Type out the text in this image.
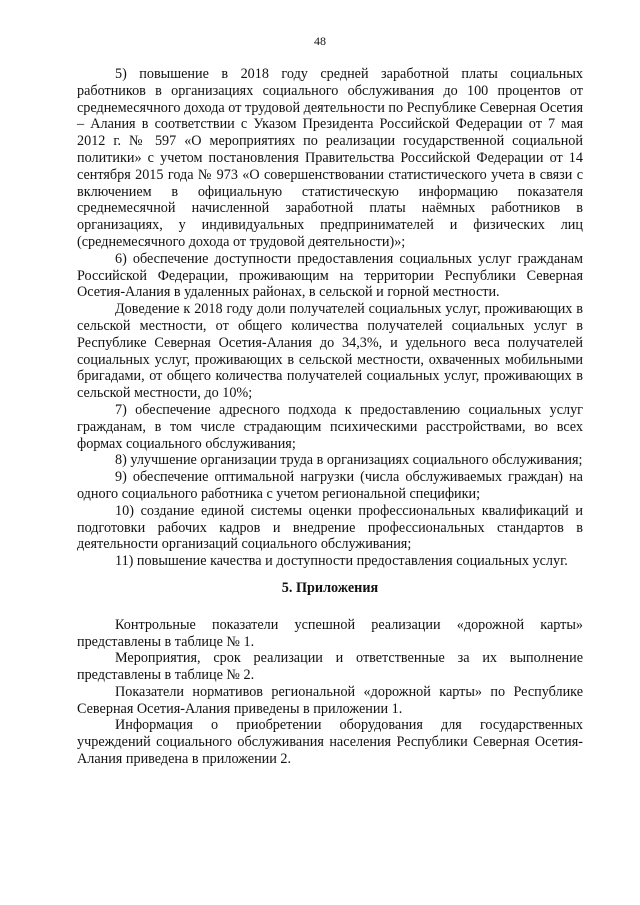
48

5) повышение в 2018 году средней заработной платы социальных работников в организациях социального обслуживания до 100 процентов от среднемесячного дохода от трудовой деятельности по Республике Северная Осетия – Алания в соответствии с Указом Президента Российской Федерации от 7 мая 2012 г. № 597 «О мероприятиях по реализации государственной социальной политики» с учетом постановления Правительства Российской Федерации от 14 сентября 2015 года № 973 «О совершенствовании статистического учета в связи с включением в официальную статистическую информацию показателя среднемесячной начисленной заработной платы наёмных работников в организациях, у индивидуальных предпринимателей и физических лиц (среднемесячного дохода от трудовой деятельности)»;

6) обеспечение доступности предоставления социальных услуг гражданам Российской Федерации, проживающим на территории Республики Северная Осетия-Алания в удаленных районах, в сельской и горной местности.

Доведение к 2018 году доли получателей социальных услуг, проживающих в сельской местности, от общего количества получателей социальных услуг в Республике Северная Осетия-Алания до 34,3%, и удельного веса получателей социальных услуг, проживающих в сельской местности, охваченных мобильными бригадами, от общего количества получателей социальных услуг, проживающих в сельской местности, до 10%;

7) обеспечение адресного подхода к предоставлению социальных услуг гражданам, в том числе страдающим психическими расстройствами, во всех формах социального обслуживания;

8) улучшение организации труда в организациях социального обслуживания;

9) обеспечение оптимальной нагрузки (числа обслуживаемых граждан) на одного социального работника с учетом региональной специфики;

10) создание единой системы оценки профессиональных квалификаций и подготовки рабочих кадров и внедрение профессиональных стандартов в деятельности организаций социального обслуживания;

11) повышение качества и доступности предоставления социальных услуг.

5. Приложения

Контрольные показатели успешной реализации «дорожной карты» представлены в таблице № 1.

Мероприятия, срок реализации и ответственные за их выполнение представлены в таблице № 2.

Показатели нормативов региональной «дорожной карты» по Республике Северная Осетия-Алания приведены в приложении 1.

Информация о приобретении оборудования для государственных учреждений социального обслуживания населения Республики Северная Осетия-Алания приведена в приложении 2.
